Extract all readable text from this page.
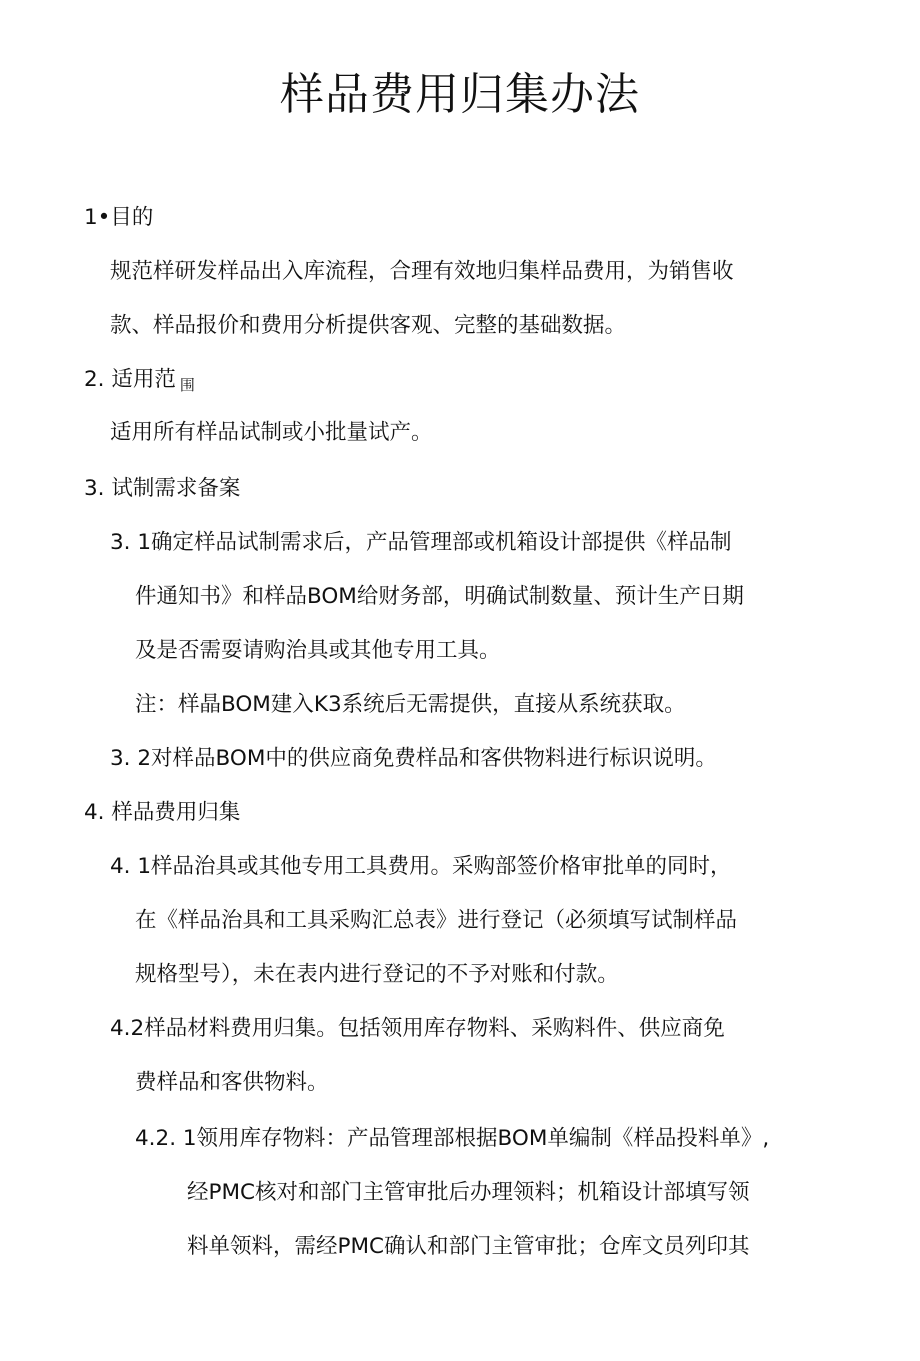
样品费用归集办法
1•目的
规范样研发样品出入库流程，合理有效地归集样品费用，为销售收
款、样品报价和费用分析提供客观、完整的基础数据。
2. 适用范 围
适用所有样品试制或小批量试产。
3. 试制需求备案
3. 1确定样品试制需求后，产品管理部或机箱设计部提供《样品制
件通知书》和样品BOM给财务部，明确试制数量、预计生产日期
及是否需耍请购治具或其他专用工具。
注：样晶BOM建入K3系统后无需提供，直接从系统获取。
3. 2对样品BOM中的供应商免费样品和客供物料进行标识说明。
4. 样品费用归集
4. 1样品治具或其他专用工具费用。采购部签价格审批单的同时，
在《样品治具和工具采购汇总表》进行登记（必须填写试制样品
规格型号），未在表内进行登记的不予对账和付款。
4.2样品材料费用归集。包括领用库存物料、采购料件、供应商免
费样品和客供物料。
4.2. 1领用库存物料：产品管理部根据BOM单编制《样品投料单》,
经PMC核对和部门主管审批后办理领料；机箱设计部填写领
料单领料，需经PMC确认和部门主管审批；仓库文员列印其
